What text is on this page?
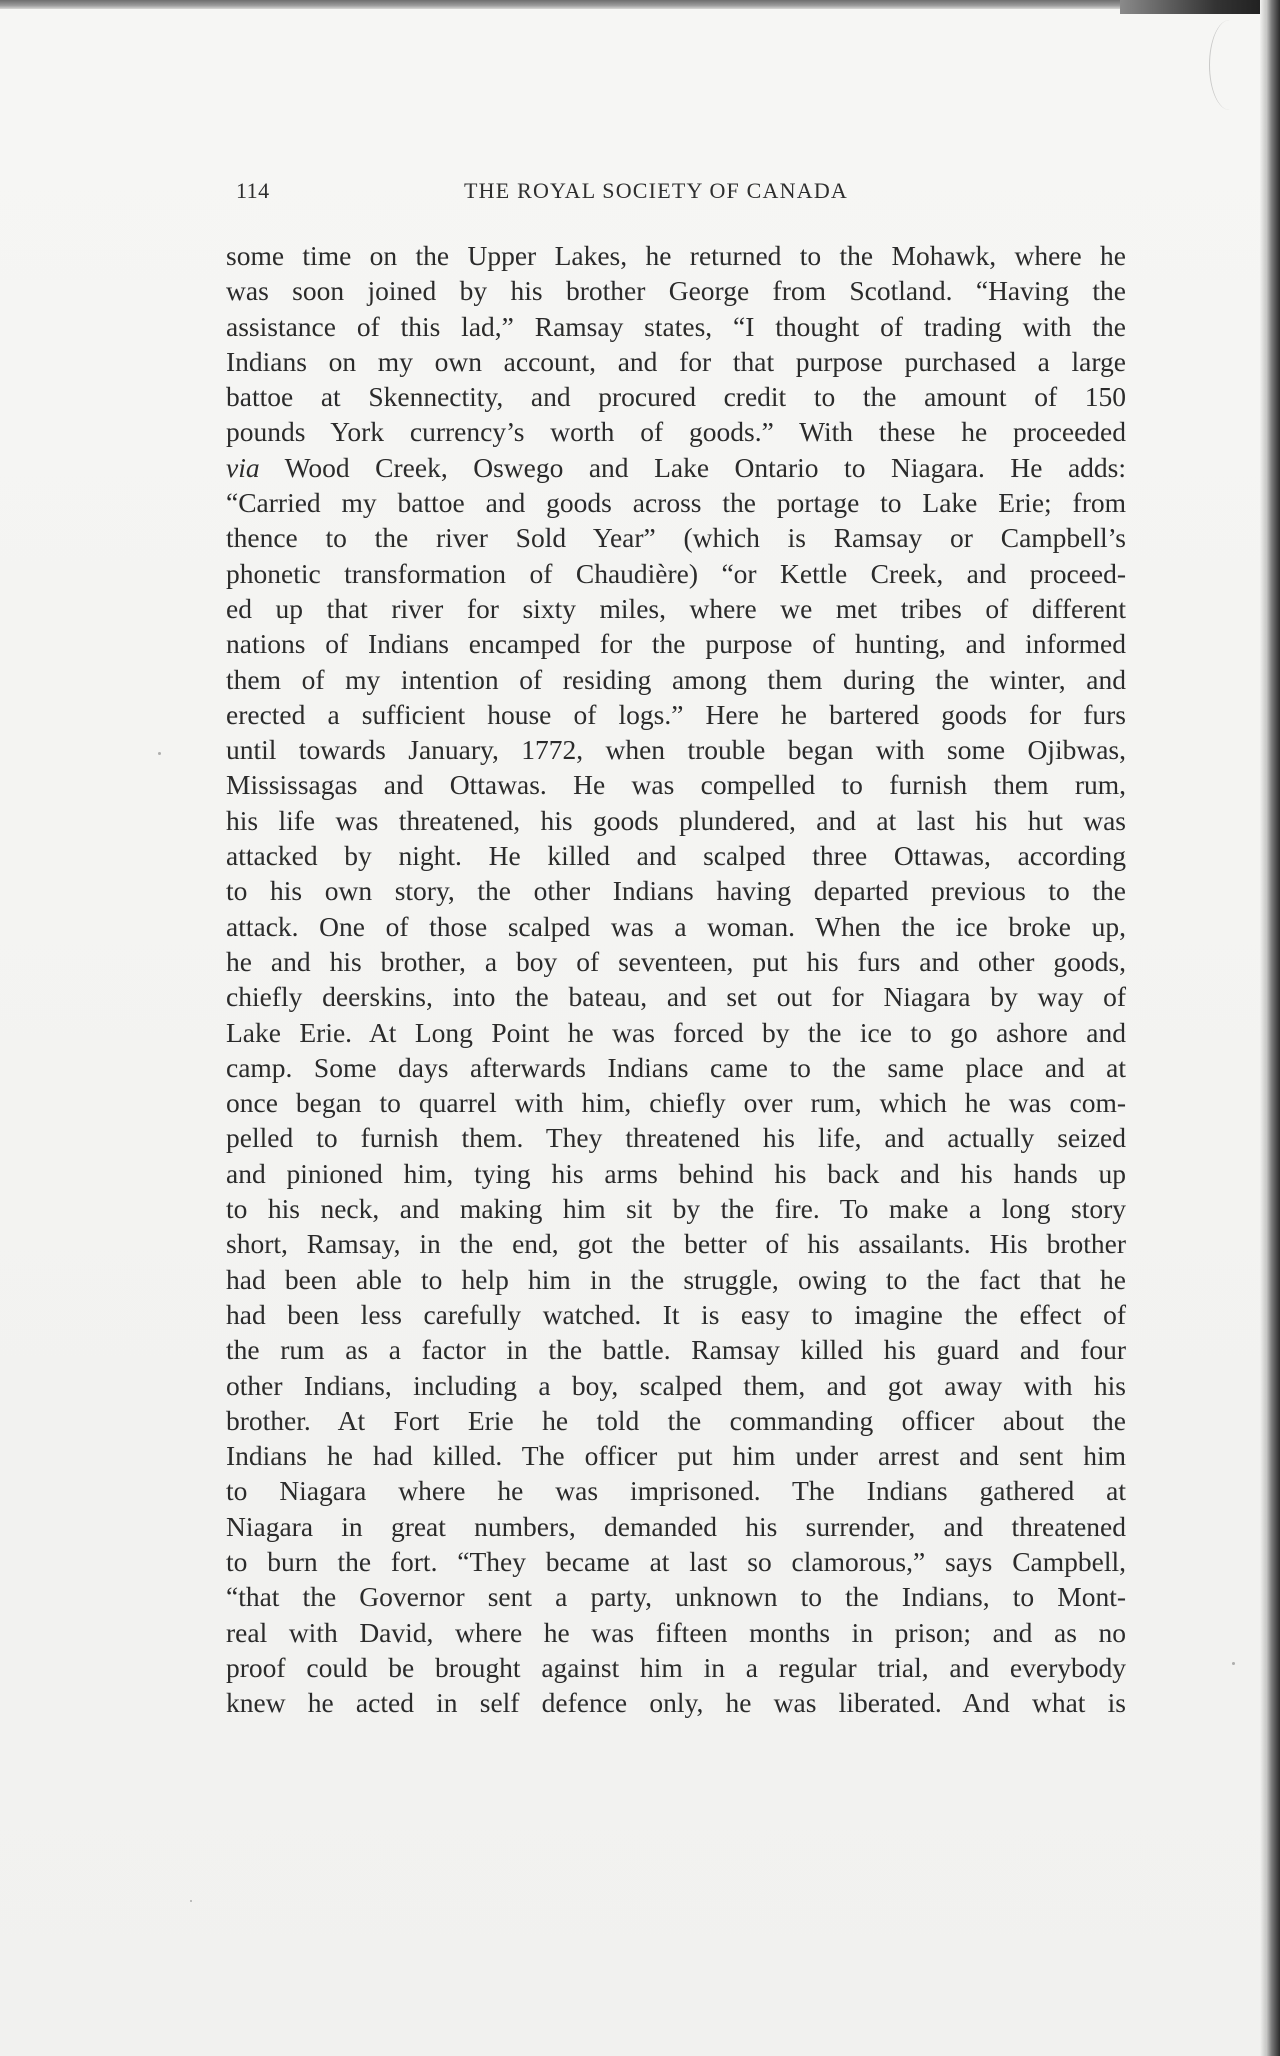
114	THE ROYAL SOCIETY OF CANADA
some time on the Upper Lakes, he returned to the Mohawk, where he
was soon joined by his brother George from Scotland. “Having the
assistance of this lad,” Ramsay states, “I thought of trading with the
Indians on my own account, and for that purpose purchased a large
battoe at Skennectity, and procured credit to the amount of 150
pounds York currency’s worth of goods.” With these he proceeded
via Wood Creek, Oswego and Lake Ontario to Niagara. He adds:
“Carried my battoe and goods across the portage to Lake Erie; from
thence to the river Sold Year” (which is Ramsay or Campbell’s
phonetic transformation of Chaudière) “or Kettle Creek, and proceed-
ed up that river for sixty miles, where we met tribes of different
nations of Indians encamped for the purpose of hunting, and informed
them of my intention of residing among them during the winter, and
erected a sufficient house of logs.” Here he bartered goods for furs
until towards January, 1772, when trouble began with some Ojibwas,
Mississagas and Ottawas. He was compelled to furnish them rum,
his life was threatened, his goods plundered, and at last his hut was
attacked by night. He killed and scalped three Ottawas, according
to his own story, the other Indians having departed previous to the
attack. One of those scalped was a woman. When the ice broke up,
he and his brother, a boy of seventeen, put his furs and other goods,
chiefly deerskins, into the bateau, and set out for Niagara by way of
Lake Erie. At Long Point he was forced by the ice to go ashore and
camp. Some days afterwards Indians came to the same place and at
once began to quarrel with him, chiefly over rum, which he was com-
pelled to furnish them. They threatened his life, and actually seized
and pinioned him, tying his arms behind his back and his hands up
to his neck, and making him sit by the fire. To make a long story
short, Ramsay, in the end, got the better of his assailants. His brother
had been able to help him in the struggle, owing to the fact that he
had been less carefully watched. It is easy to imagine the effect of
the rum as a factor in the battle. Ramsay killed his guard and four
other Indians, including a boy, scalped them, and got away with his
brother. At Fort Erie he told the commanding officer about the
Indians he had killed. The officer put him under arrest and sent him
to Niagara where he was imprisoned. The Indians gathered at
Niagara in great numbers, demanded his surrender, and threatened
to burn the fort. “They became at last so clamorous,” says Campbell,
“that the Governor sent a party, unknown to the Indians, to Mont-
real with David, where he was fifteen months in prison; and as no
proof could be brought against him in a regular trial, and everybody
knew he acted in self defence only, he was liberated. And what is
